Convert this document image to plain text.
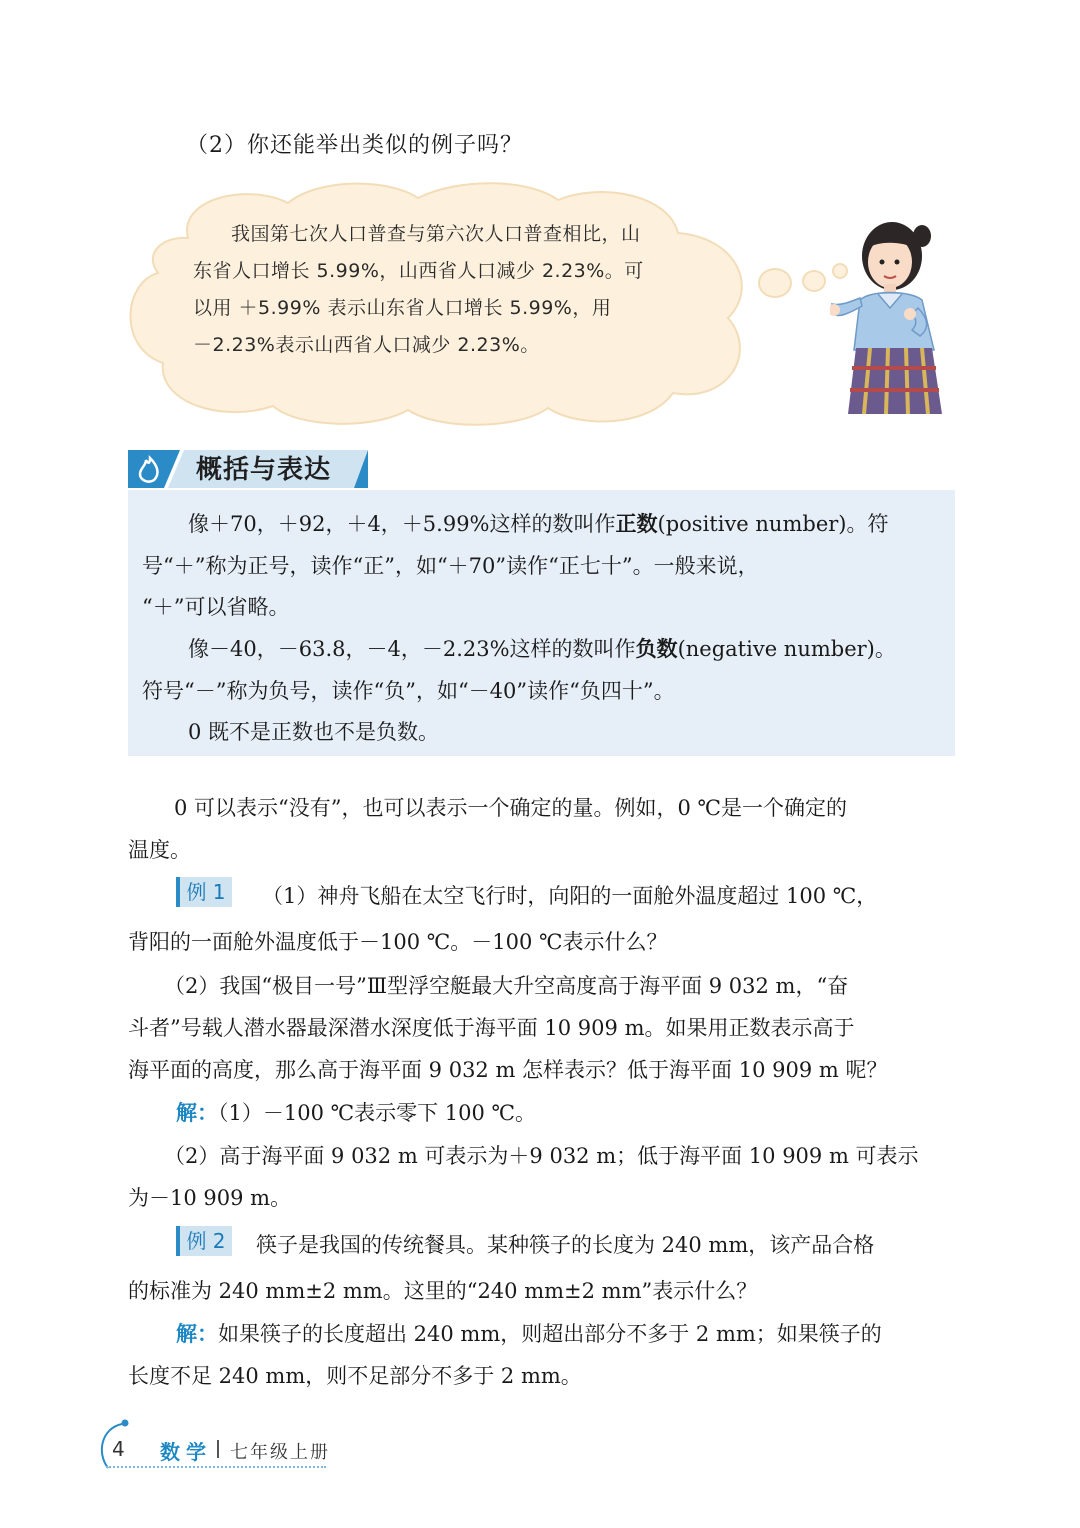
（2）你还能举出类似的例子吗？
我国第七次人口普查与第六次人口普查相比，山
东省人口增长 5.99%，山西省人口减少 2.23%。可
以用 ＋5.99% 表示山东省人口增长 5.99%，用
－2.23%表示山西省人口减少 2.23%。
概括与表达

像＋70，＋92，＋4，＋5.99%这样的数叫作正数(positive number)。符

号“＋”称为正号，读作“正”，如“＋70”读作“正七十”。一般来说，

“＋”可以省略。

像－40，－63.8，－4，－2.23%这样的数叫作负数(negative number)。

符号“－”称为负号，读作“负”，如“－40”读作“负四十”。

0 既不是正数也不是负数。

0 可以表示“没有”，也可以表示一个确定的量。例如，0 ℃是一个确定的
温度。
例 1	（1）神舟飞船在太空飞行时，向阳的一面舱外温度超过 100 ℃，
背阳的一面舱外温度低于－100 ℃。－100 ℃表示什么？
（2）我国“极目一号”Ⅲ型浮空艇最大升空高度高于海平面 9 032 m，“奋
斗者”号载人潜水器最深潜水深度低于海平面 10 909 m。如果用正数表示高于
海平面的高度，那么高于海平面 9 032 m 怎样表示？低于海平面 10 909 m 呢？
解：（1）－100 ℃表示零下 100 ℃。
（2）高于海平面 9 032 m 可表示为＋9 032 m；低于海平面 10 909 m 可表示
为－10 909 m。
例 2	筷子是我国的传统餐具。某种筷子的长度为 240 mm，该产品合格
的标准为 240 mm±2 mm。这里的“240 mm±2 mm”表示什么？
解：如果筷子的长度超出 240 mm，则超出部分不多于 2 mm；如果筷子的
长度不足 240 mm，则不足部分不多于 2 mm。
4 数学 七年级上册
